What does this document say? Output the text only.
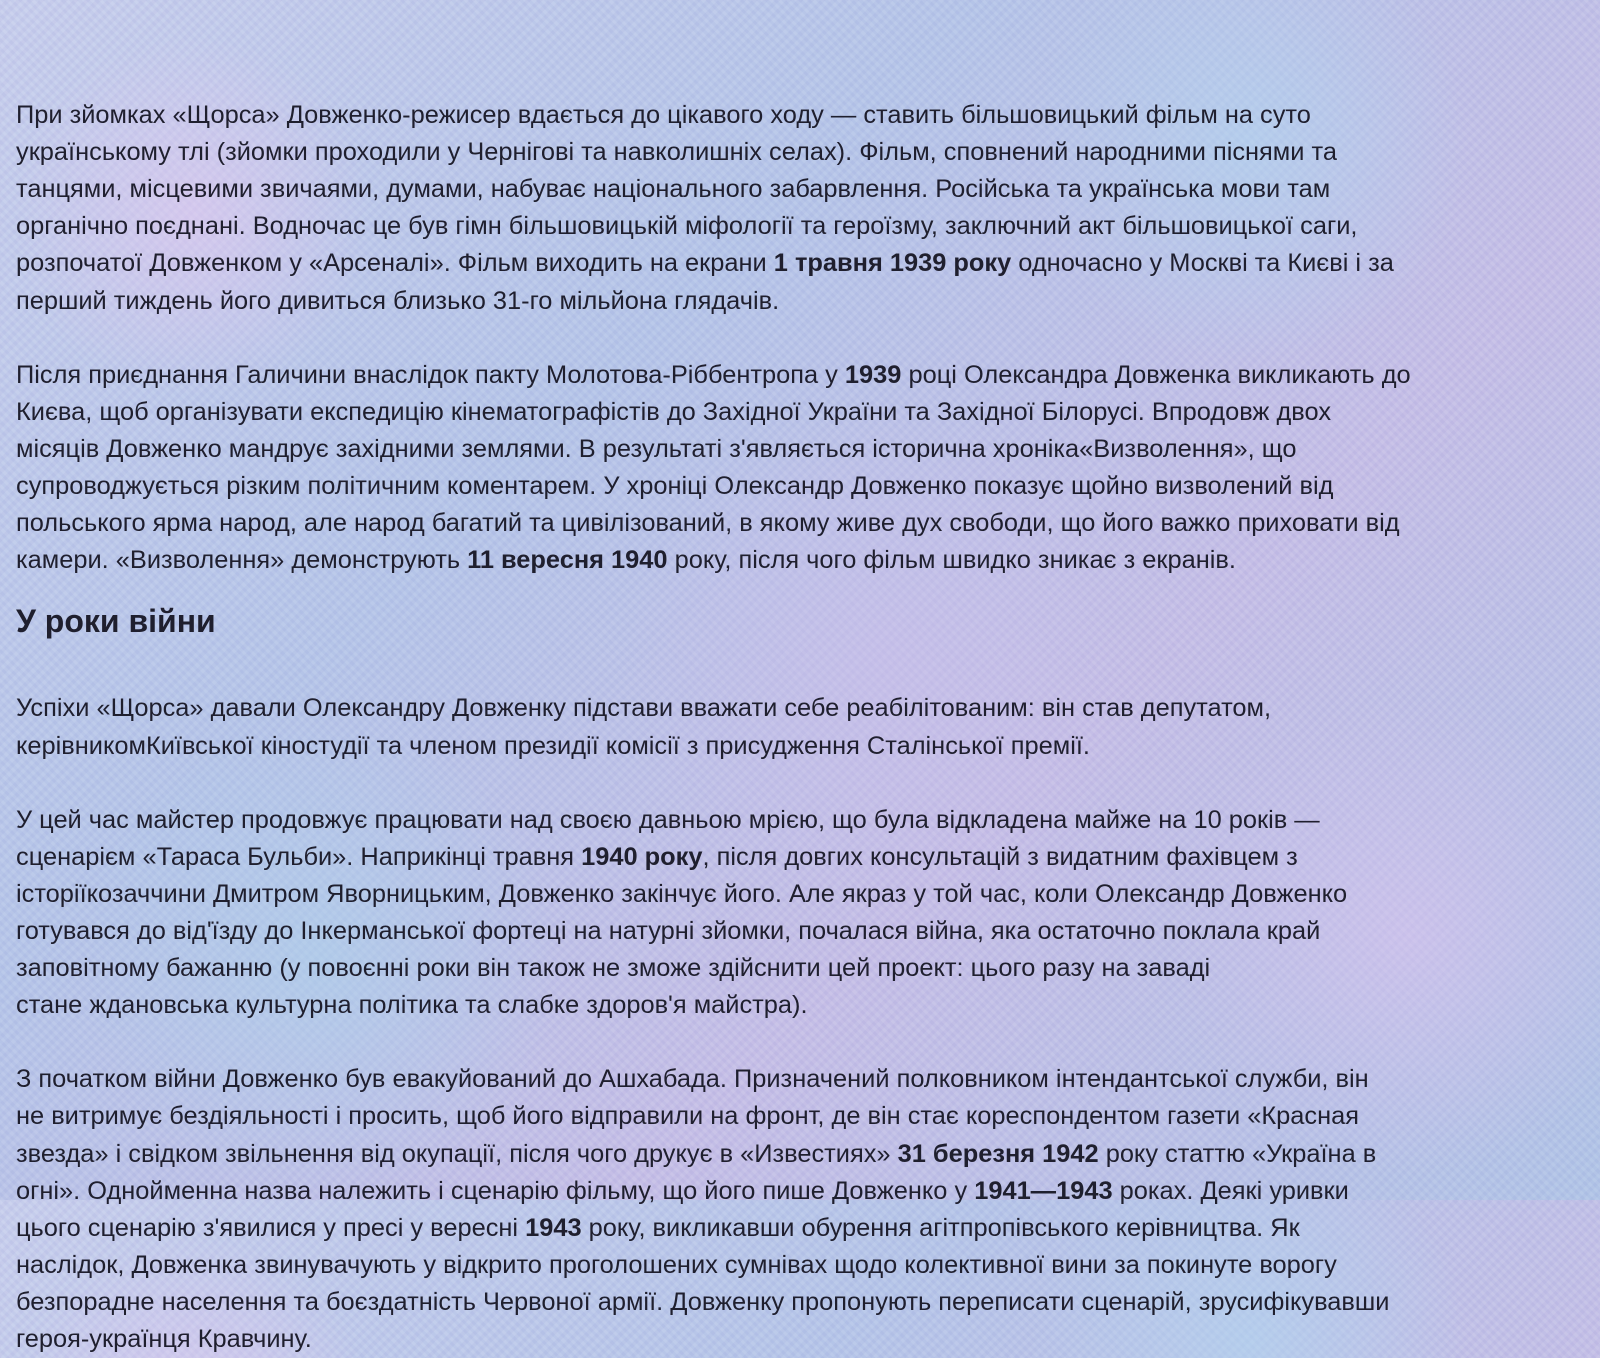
При зйомках «Щорса» Довженко-режисер вдається до цікавого ходу — ставить більшовицький фільм на суто
українському тлі (зйомки проходили у Чернігові та навколишніх селах). Фільм, сповнений народними піснями та
танцями, місцевими звичаями, думами, набуває національного забарвлення. Російська та українська мови там
органічно поєднані. Водночас це був гімн більшовицькій міфології та героїзму, заключний акт більшовицької саги,
розпочатої Довженком у «Арсеналі». Фільм виходить на екрани 1 травня 1939 року одночасно у Москві та Києві і за
перший тиждень його дивиться близько 31-го мільйона глядачів.

Після приєднання Галичини внаслідок пакту Молотова-Ріббентропа у 1939 році Олександра Довженка викликають до
Києва, щоб організувати експедицію кінематографістів до Західної України та Західної Білорусі. Впродовж двох
місяців Довженко мандрує західними землями. В результаті з'являється історична хроніка«Визволення», що
супроводжується різким політичним коментарем. У хроніці Олександр Довженко показує щойно визволений від
польського ярма народ, але народ багатий та цивілізований, в якому живе дух свободи, що його важко приховати від
камери. «Визволення» демонструють 11 вересня 1940 року, після чого фільм швидко зникає з екранів.

У роки війни

Успіхи «Щорса» давали Олександру Довженку підстави вважати себе реабілітованим: він став депутатом,
керівникомКиївської кіностудії та членом президії комісії з присудження Сталінської премії.

У цей час майстер продовжує працювати над своєю давньою мрією, що була відкладена майже на 10 років —
сценарієм «Тараса Бульби». Наприкінці травня 1940 року, після довгих консультацій з видатним фахівцем з
історіїкозаччини Дмитром Яворницьким, Довженко закінчує його. Але якраз у той час, коли Олександр Довженко
готувався до від'їзду до Інкерманської фортеці на натурні зйомки, почалася війна, яка остаточно поклала край
заповітному бажанню (у повоєнні роки він також не зможе здійснити цей проект: цього разу на заваді
стане ждановська культурна політика та слабке здоров'я майстра).

З початком війни Довженко був евакуйований до Ашхабада. Призначений полковником інтендантської служби, він
не витримує бездіяльності і просить, щоб його відправили на фронт, де він стає кореспондентом газети «Красная
звезда» і свідком звільнення від окупації, після чого друкує в «Известиях» 31 березня 1942 року статтю «Україна в
огні». Однойменна назва належить і сценарію фільму, що його пише Довженко у 1941—1943 роках. Деякі уривки
цього сценарію з'явилися у пресі у вересні 1943 року, викликавши обурення агітпропівського керівництва. Як
наслідок, Довженка звинувачують у відкрито проголошених сумнівах щодо колективної вини за покинуте ворогу
безпорадне населення та боєздатність Червоної армії. Довженку пропонують переписати сценарій, зрусифікувавши
героя-українця Кравчину.
